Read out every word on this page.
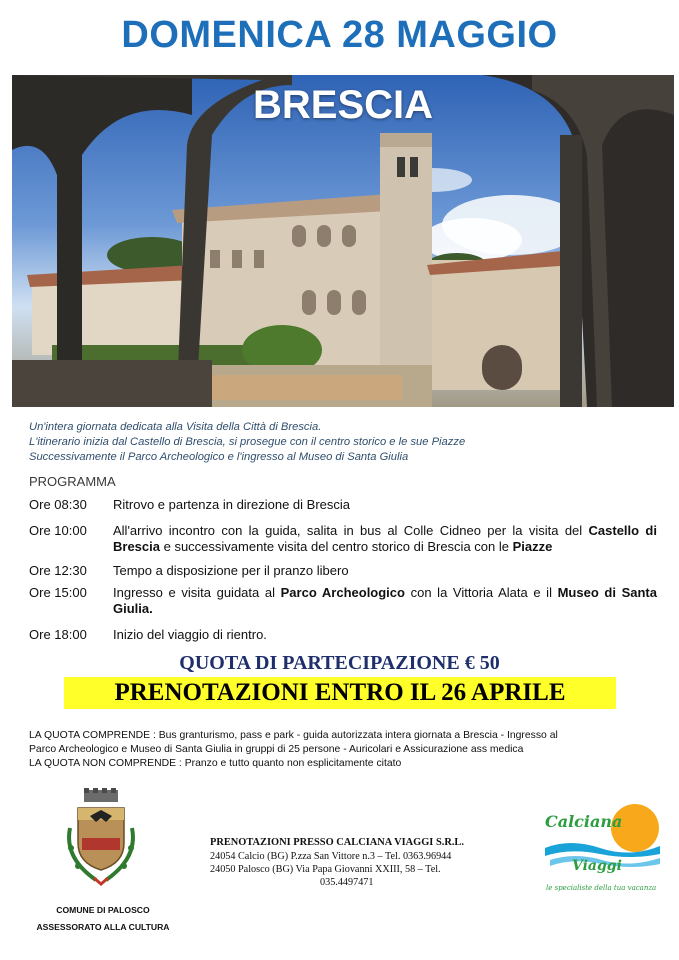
DOMENICA 28 MAGGIO
BRESCIA
Un'intera giornata dedicata alla Visita della Città di Brescia.
L'itinerario inizia dal Castello di Brescia, si prosegue con il centro storico e le sue Piazze
Successivamente il Parco Archeologico e l'ingresso al Museo di Santa Giulia
PROGRAMMA
Ore 08:30	Ritrovo e partenza in direzione di Brescia
Ore 10:00	All'arrivo incontro con la guida, salita in bus al Colle Cidneo per la visita del Castello di Brescia e successivamente visita del centro storico di Brescia con le Piazze
Ore 12:30	Tempo a disposizione per il pranzo libero
Ore 15:00	Ingresso e visita guidata al Parco Archeologico con la Vittoria Alata e il Museo di Santa Giulia.
Ore 18:00	Inizio del viaggio di rientro.
QUOTA DI PARTECIPAZIONE € 50
PRENOTAZIONI ENTRO IL 26 APRILE
LA QUOTA COMPRENDE : Bus granturismo, pass e park - guida autorizzata intera giornata a Brescia - Ingresso al
Parco Archeologico e Museo di Santa Giulia in gruppi di 25 persone - Auricolari e Assicurazione ass medica
LA QUOTA NON COMPRENDE : Pranzo e tutto quanto non esplicitamente citato
COMUNE DI PALOSCO
ASSESSORATO ALLA CULTURA
PRENOTAZIONI PRESSO CALCIANA VIAGGI S.R.L.
24054 Calcio (BG) P.zza San Vittore n.3 – Tel. 0363.96944
24050 Palosco (BG) Via Papa Giovanni XXIII, 58 – Tel.
035.4497471
Calciana
Viaggi
le specialiste della tua vacanza
